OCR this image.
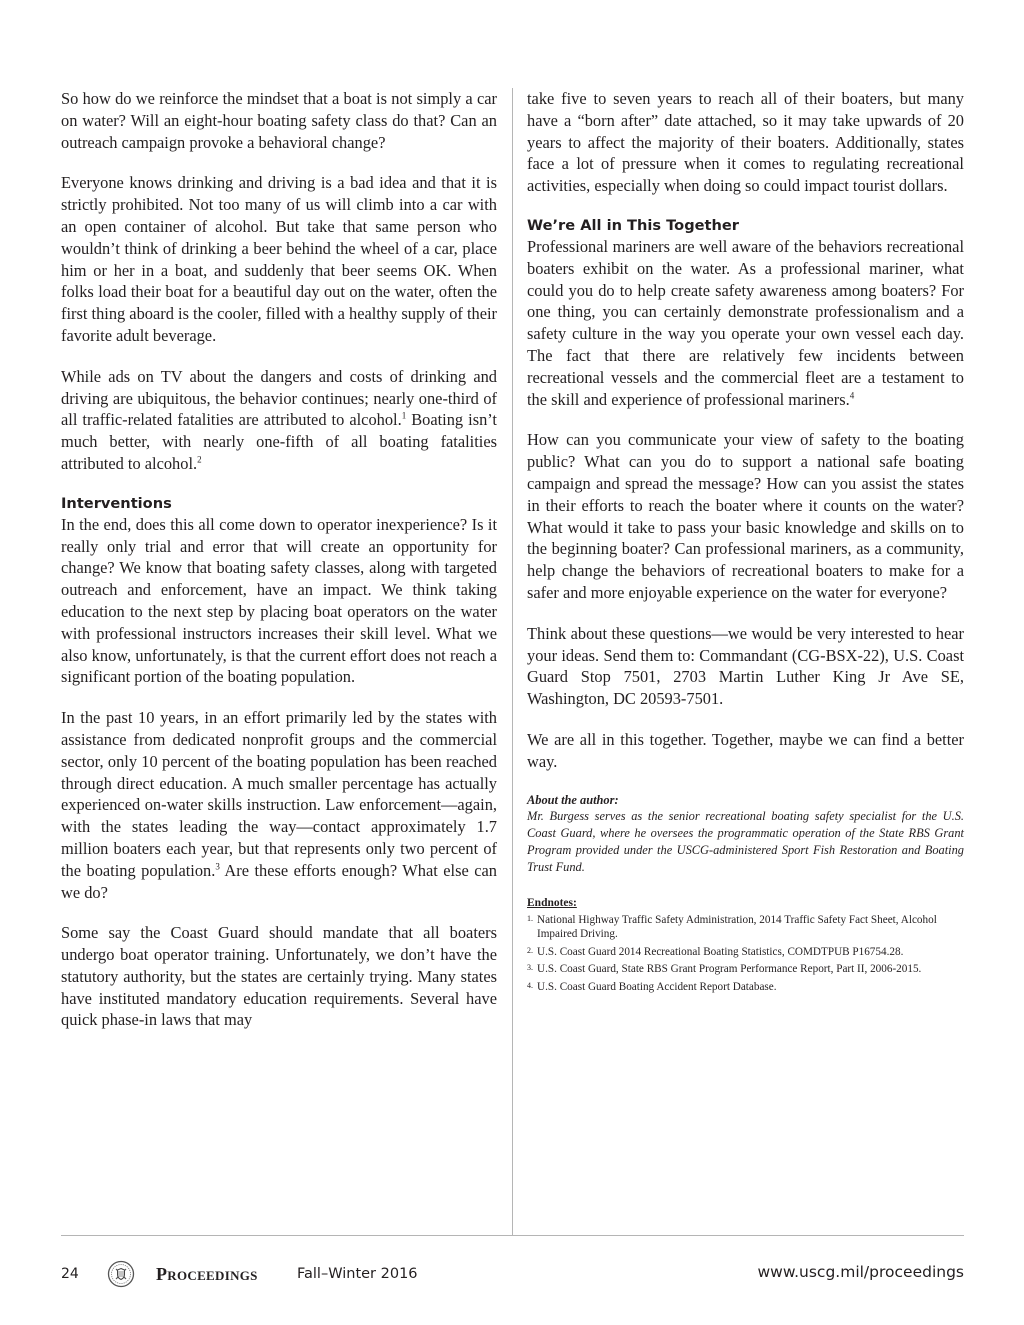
So how do we reinforce the mindset that a boat is not simply a car on water? Will an eight-hour boating safety class do that? Can an outreach campaign provoke a behavioral change?

Everyone knows drinking and driving is a bad idea and that it is strictly prohibited. Not too many of us will climb into a car with an open container of alcohol. But take that same person who wouldn’t think of drinking a beer behind the wheel of a car, place him or her in a boat, and suddenly that beer seems OK. When folks load their boat for a beautiful day out on the water, often the first thing aboard is the cooler, filled with a healthy supply of their favorite adult beverage.

While ads on TV about the dangers and costs of drinking and driving are ubiquitous, the behavior continues; nearly one-third of all traffic-related fatalities are attributed to alcohol.$^1$ Boating isn’t much better, with nearly one-fifth of all boating fatalities attributed to alcohol.$^2$

Interventions

In the end, does this all come down to operator inexperience? Is it really only trial and error that will create an opportunity for change? We know that boating safety classes, along with targeted outreach and enforcement, have an impact. We think taking education to the next step by placing boat operators on the water with professional instructors increases their skill level. What we also know, unfortunately, is that the current effort does not reach a significant portion of the boating population.

In the past 10 years, in an effort primarily led by the states with assistance from dedicated nonprofit groups and the commercial sector, only 10 percent of the boating population has been reached through direct education. A much smaller percentage has actually experienced on-water skills instruction. Law enforcement—again, with the states leading the way—contact approximately 1.7 million boaters each year, but that represents only two percent of the boating population.$^3$ Are these efforts enough? What else can we do?

Some say the Coast Guard should mandate that all boaters undergo boat operator training. Unfortunately, we don’t have the statutory authority, but the states are certainly trying. Many states have instituted mandatory education requirements. Several have quick phase-in laws that may

take five to seven years to reach all of their boaters, but many have a “born after” date attached, so it may take upwards of 20 years to affect the majority of their boaters. Additionally, states face a lot of pressure when it comes to regulating recreational activities, especially when doing so could impact tourist dollars.

We’re All in This Together

Professional mariners are well aware of the behaviors recreational boaters exhibit on the water. As a professional mariner, what could you do to help create safety awareness among boaters? For one thing, you can certainly demonstrate professionalism and a safety culture in the way you operate your own vessel each day. The fact that there are relatively few incidents between recreational vessels and the commercial fleet are a testament to the skill and experience of professional mariners.$^4$

How can you communicate your view of safety to the boating public? What can you do to support a national safe boating campaign and spread the message? How can you assist the states in their efforts to reach the boater where it counts on the water? What would it take to pass your basic knowledge and skills on to the beginning boater? Can professional mariners, as a community, help change the behaviors of recreational boaters to make for a safer and more enjoyable experience on the water for everyone?

Think about these questions—we would be very interested to hear your ideas. Send them to: Commandant (CG-BSX-22), U.S. Coast Guard Stop 7501, 2703 Martin Luther King Jr Ave SE, Washington, DC 20593-7501.

We are all in this together. Together, maybe we can find a better way.

About the author:

Mr. Burgess serves as the senior recreational boating safety specialist for the U.S. Coast Guard, where he oversees the programmatic operation of the State RBS Grant Program provided under the USCG-administered Sport Fish Restoration and Boating Trust Fund.

Endnotes:
1. National Highway Traffic Safety Administration, 2014 Traffic Safety Fact Sheet, Alcohol Impaired Driving.
2. U.S. Coast Guard 2014 Recreational Boating Statistics, COMDTPUB P16754.28.
3. U.S. Coast Guard, State RBS Grant Program Performance Report, Part II, 2006-2015.
4. U.S. Coast Guard Boating Accident Report Database.
24	Proceedings	Fall–Winter 2016	www.uscg.mil/proceedings
